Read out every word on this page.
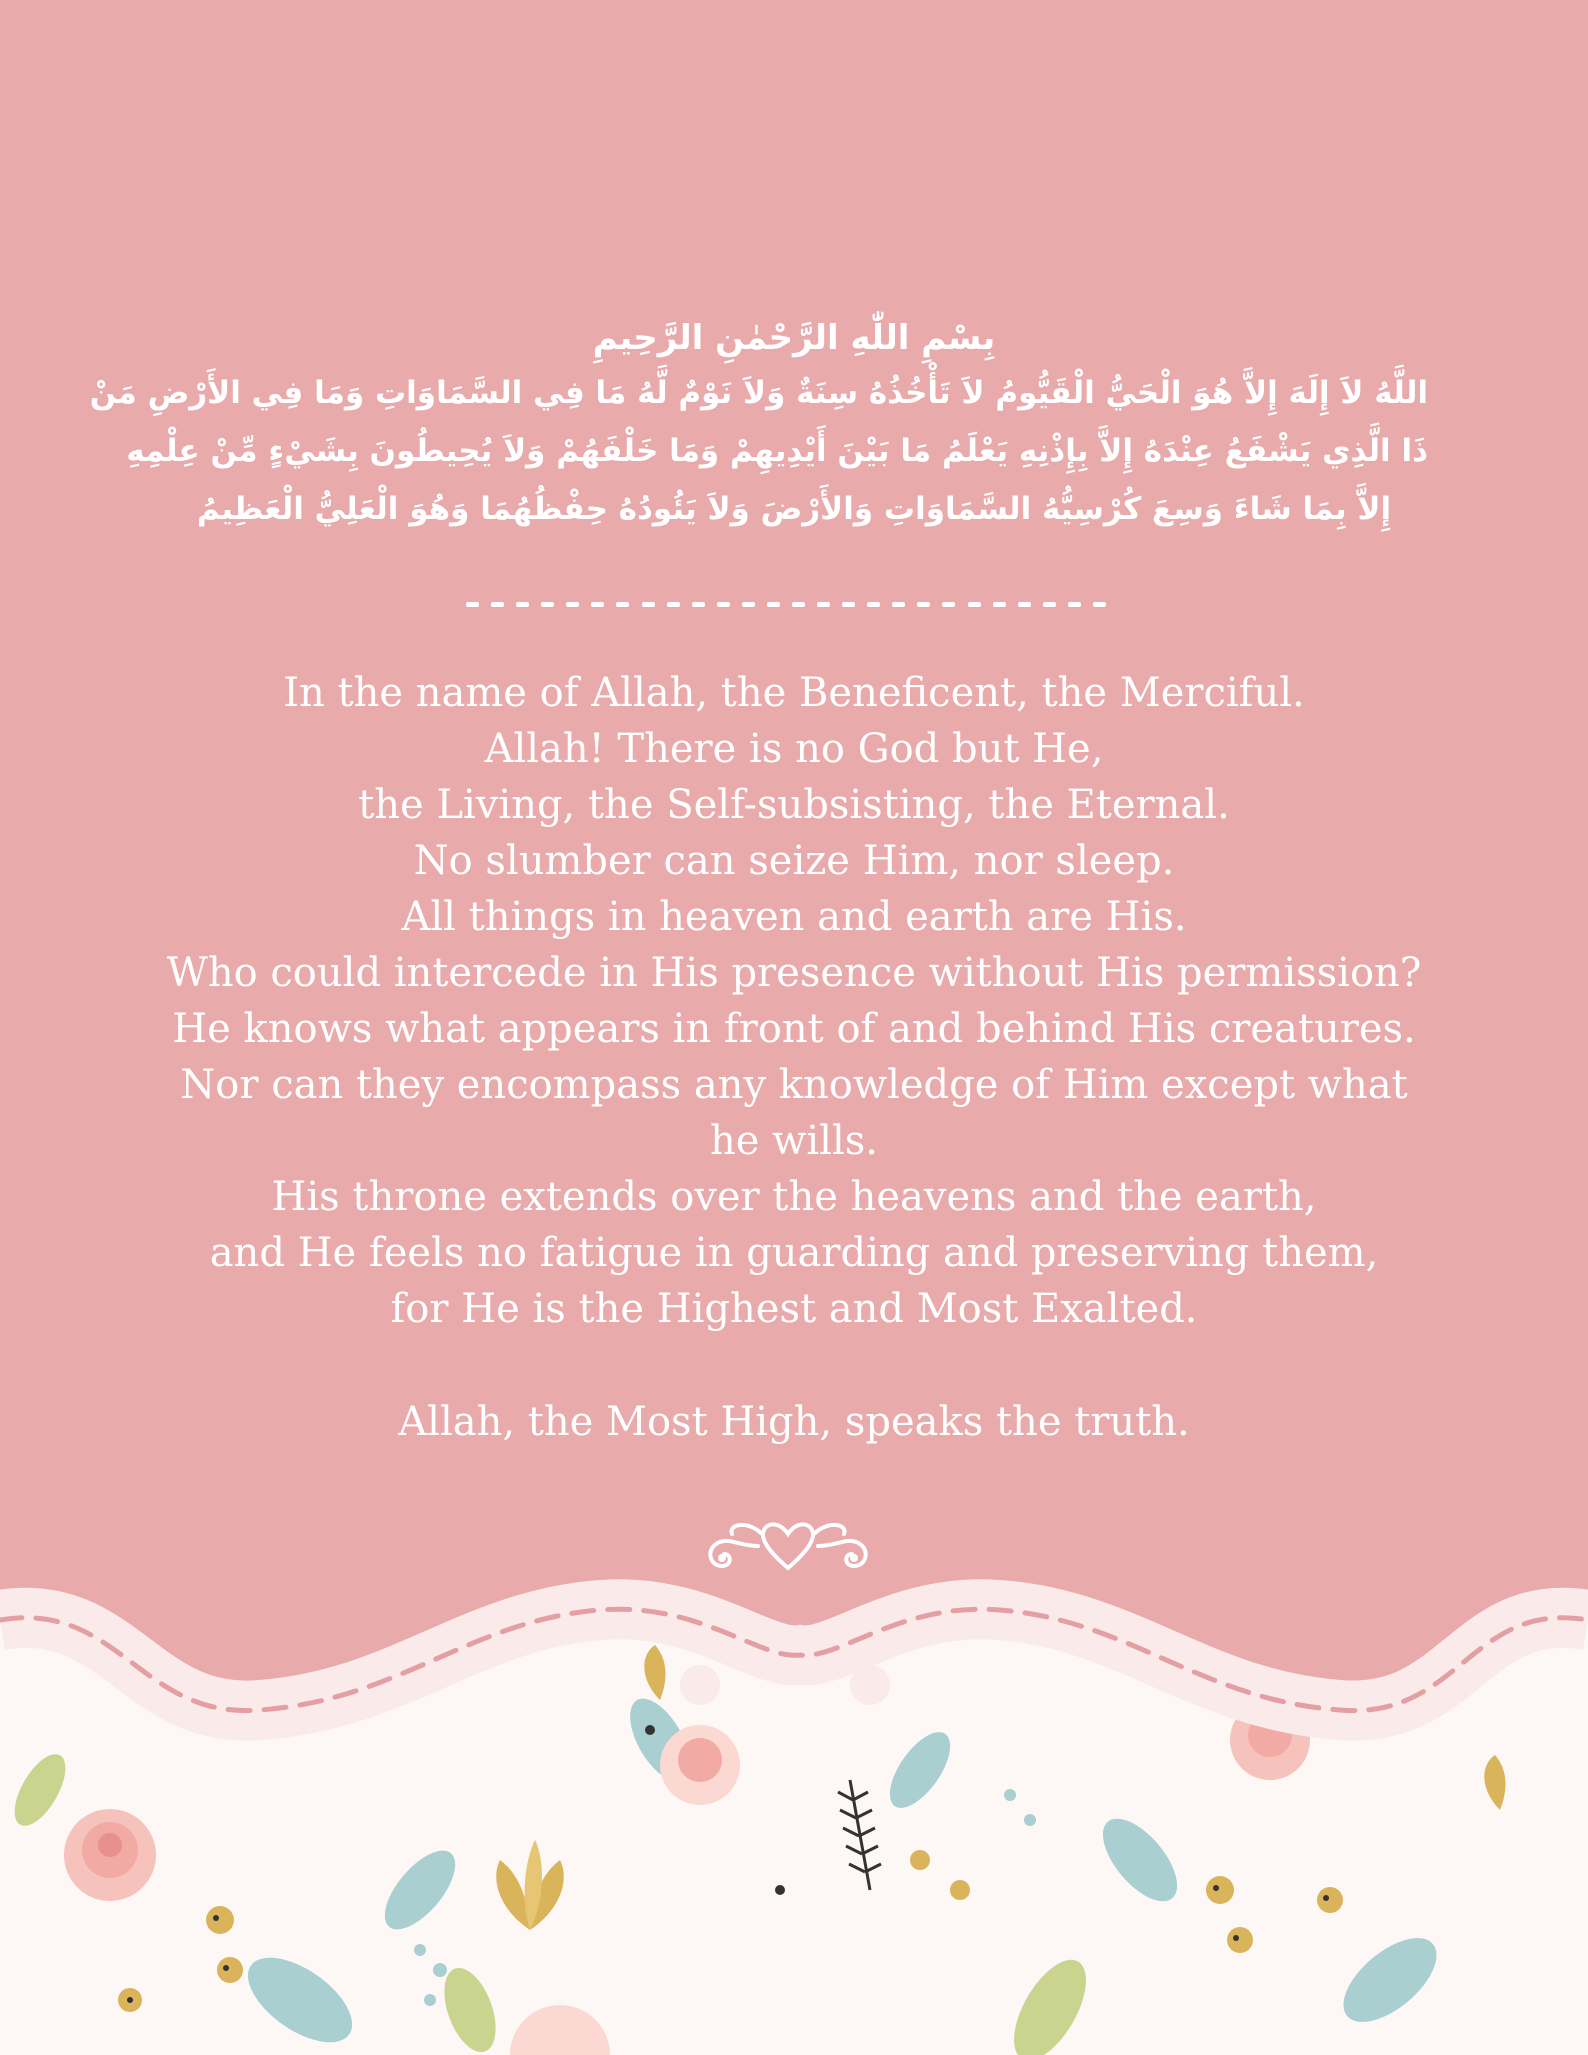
بِسْمِ اللّٰهِ الرَّحْمٰنِ الرَّحِيمِ
اللَّهُ لاَ إِلَهَ إِلاَّ هُوَ الْحَيُّ الْقَيُّومُ لاَ تَأْخُذُهُ سِنَةٌ وَلاَ نَوْمٌ لَّهُ مَا فِي السَّمَاوَاتِ وَمَا فِي الأَرْضِ مَنْ
ذَا الَّذِي يَشْفَعُ عِنْدَهُ إِلاَّ بِإِذْنِهِ يَعْلَمُ مَا بَيْنَ أَيْدِيهِمْ وَمَا خَلْفَهُمْ وَلاَ يُحِيطُونَ بِشَيْءٍ مِّنْ عِلْمِهِ
إِلاَّ بِمَا شَاءَ وَسِعَ كُرْسِيُّهُ السَّمَاوَاتِ وَالأَرْضَ وَلاَ يَئُودُهُ حِفْظُهُمَا وَهُوَ الْعَلِيُّ الْعَظِيمُ
In the name of Allah, the Beneficent, the Merciful.
Allah! There is no God but He,
the Living, the Self-subsisting, the Eternal.
No slumber can seize Him, nor sleep.
All things in heaven and earth are His.
Who could intercede in His presence without His permission?
He knows what appears in front of and behind His creatures.
Nor can they encompass any knowledge of Him except what
he wills.
His throne extends over the heavens and the earth,
and He feels no fatigue in guarding and preserving them,
for He is the Highest and Most Exalted.
Allah, the Most High, speaks the truth.
